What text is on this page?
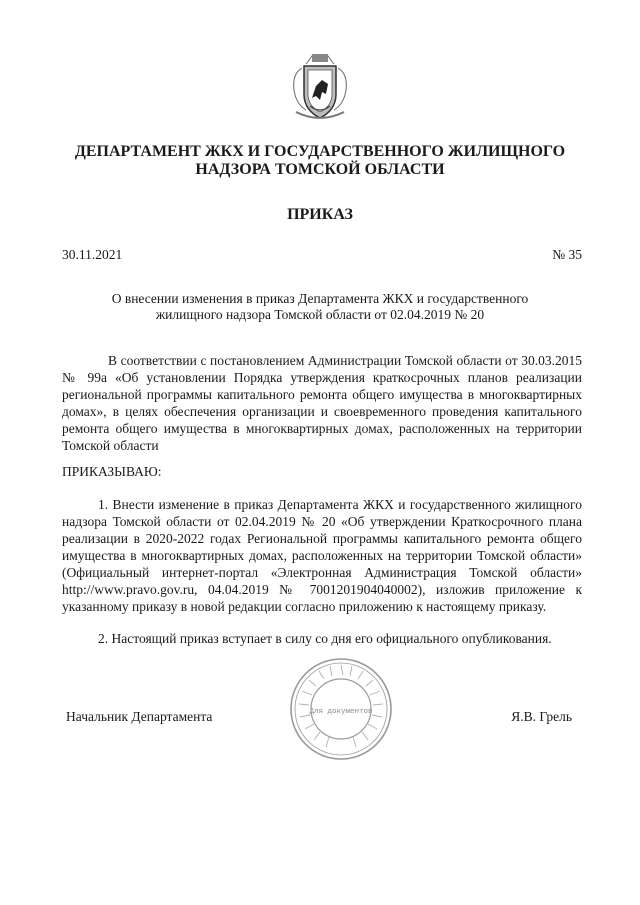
ДЕПАРТАМЕНТ ЖКХ И ГОСУДАРСТВЕННОГО ЖИЛИЩНОГО НАДЗОРА ТОМСКОЙ ОБЛАСТИ
ПРИКАЗ
30.11.2021	№ 35
О внесении изменения в приказ Департамента ЖКХ и государственного жилищного надзора Томской области от 02.04.2019 № 20
В соответствии с постановлением Администрации Томской области от 30.03.2015 № 99а «Об установлении Порядка утверждения краткосрочных планов реализации региональной программы капитального ремонта общего имущества в многоквартирных домах», в целях обеспечения организации и своевременного проведения капитального ремонта общего имущества в многоквартирных домах, расположенных на территории Томской области
ПРИКАЗЫВАЮ:
1. Внести изменение в приказ Департамента ЖКХ и государственного жилищного надзора Томской области от 02.04.2019 № 20 «Об утверждении Краткосрочного плана реализации в 2020-2022 годах Региональной программы капитального ремонта общего имущества в многоквартирных домах, расположенных на территории Томской области» (Официальный интернет-портал «Электронная Администрация Томской области» http://www.pravo.gov.ru, 04.04.2019 № 7001201904040002), изложив приложение к указанному приказу в новой редакции согласно приложению к настоящему приказу.
2. Настоящий приказ вступает в силу со дня его официального опубликования.
Начальник Департамента	Я.В. Грель
Для документов
